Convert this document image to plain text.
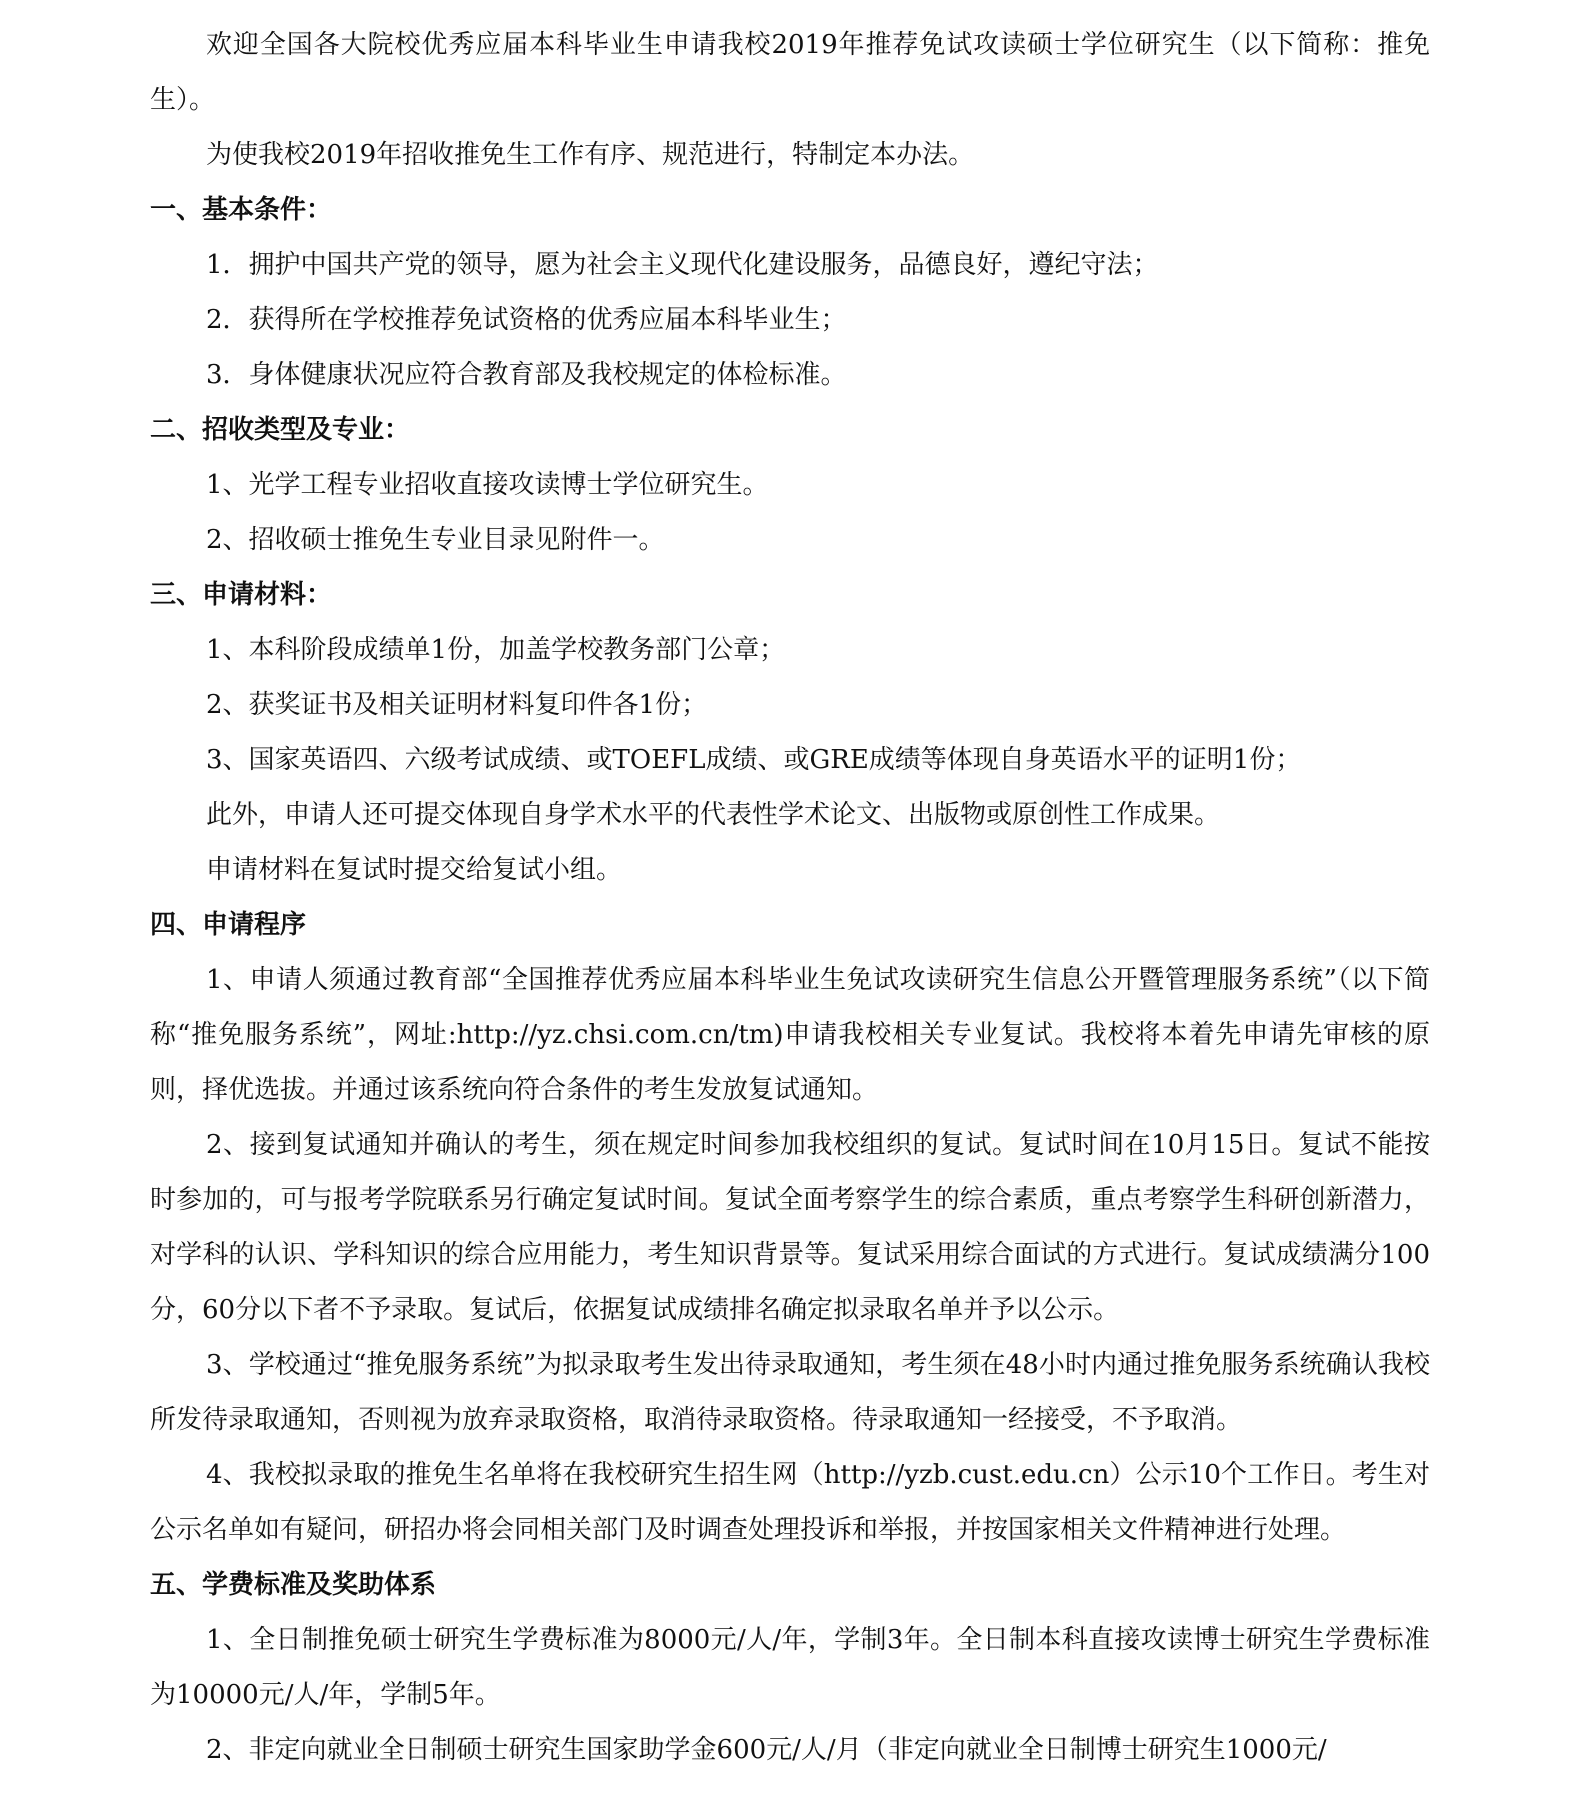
欢迎全国各大院校优秀应届本科毕业生申请我校2019年推荐免试攻读硕士学位研究生（以下简称：推免生）。

为使我校2019年招收推免生工作有序、规范进行，特制定本办法。

一、基本条件：

1．拥护中国共产党的领导，愿为社会主义现代化建设服务，品德良好，遵纪守法；

2．获得所在学校推荐免试资格的优秀应届本科毕业生；

3．身体健康状况应符合教育部及我校规定的体检标准。

二、招收类型及专业：

1、光学工程专业招收直接攻读博士学位研究生。

2、招收硕士推免生专业目录见附件一。

三、申请材料：

1、本科阶段成绩单1份，加盖学校教务部门公章；

2、获奖证书及相关证明材料复印件各1份；

3、国家英语四、六级考试成绩、或TOEFL成绩、或GRE成绩等体现自身英语水平的证明1份；

此外，申请人还可提交体现自身学术水平的代表性学术论文、出版物或原创性工作成果。

申请材料在复试时提交给复试小组。

四、申请程序

1、申请人须通过教育部“全国推荐优秀应届本科毕业生免试攻读研究生信息公开暨管理服务系统”（以下简称“推免服务系统”，网址:http://yz.chsi.com.cn/tm)申请我校相关专业复试。我校将本着先申请先审核的原则，择优选拔。并通过该系统向符合条件的考生发放复试通知。

2、接到复试通知并确认的考生，须在规定时间参加我校组织的复试。复试时间在10月15日。复试不能按时参加的，可与报考学院联系另行确定复试时间。复试全面考察学生的综合素质，重点考察学生科研创新潜力，对学科的认识、学科知识的综合应用能力，考生知识背景等。复试采用综合面试的方式进行。复试成绩满分100分，60分以下者不予录取。复试后，依据复试成绩排名确定拟录取名单并予以公示。

3、学校通过“推免服务系统”为拟录取考生发出待录取通知，考生须在48小时内通过推免服务系统确认我校所发待录取通知，否则视为放弃录取资格，取消待录取资格。待录取通知一经接受，不予取消。

4、我校拟录取的推免生名单将在我校研究生招生网（http://yzb.cust.edu.cn）公示10个工作日。考生对公示名单如有疑问，研招办将会同相关部门及时调查处理投诉和举报，并按国家相关文件精神进行处理。

五、学费标准及奖助体系

1、全日制推免硕士研究生学费标准为8000元/人/年，学制3年。全日制本科直接攻读博士研究生学费标准为10000元/人/年，学制5年。

2、非定向就业全日制硕士研究生国家助学金600元/人/月（非定向就业全日制博士研究生1000元/
